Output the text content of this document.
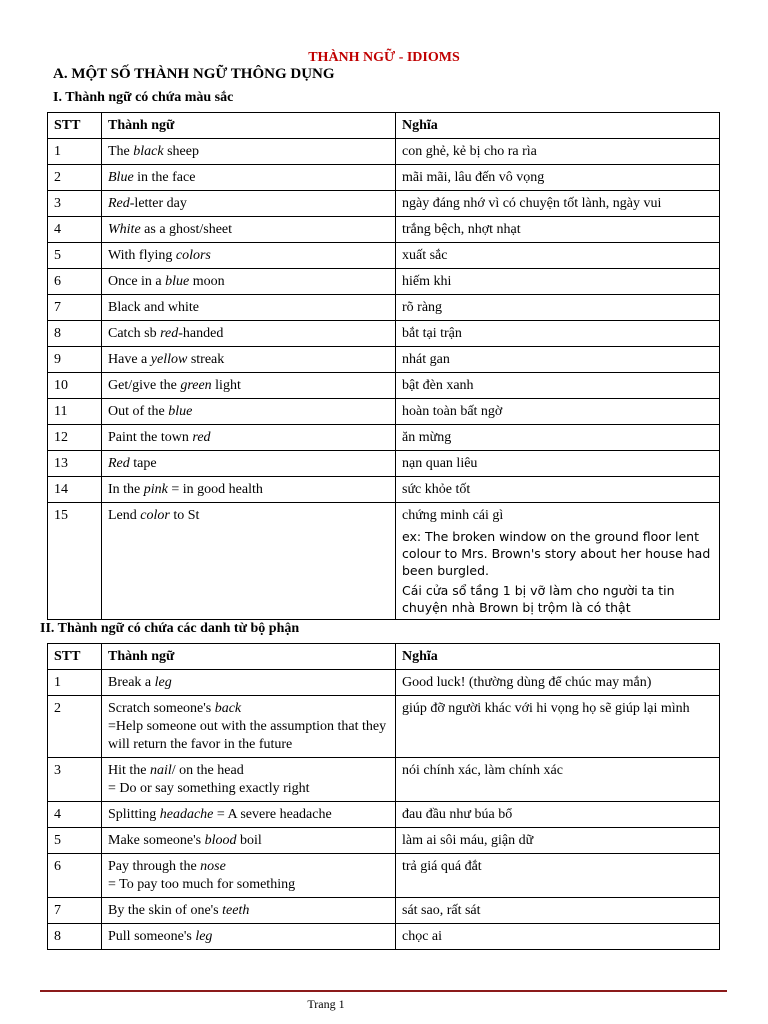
THÀNH NGỮ - IDIOMS
A. MỘT SỐ THÀNH NGỮ THÔNG DỤNG
I. Thành ngữ có chứa màu sắc
STT	Thành ngữ	Nghĩa
1	The black sheep	con ghẻ, kẻ bị cho ra rìa
2	Blue in the face	mãi mãi, lâu đến vô vọng
3	Red-letter day	ngày đáng nhớ vì có chuyện tốt lành, ngày vui
4	White as a ghost/sheet	trắng bệch, nhợt nhạt
5	With flying colors	xuất sắc
6	Once in a blue moon	hiếm khi
7	Black and white	rõ ràng
8	Catch sb red-handed	bắt tại trận
9	Have a yellow streak	nhát gan
10	Get/give the green light	bật đèn xanh
11	Out of the blue	hoàn toàn bất ngờ
12	Paint the town red	ăn mừng
13	Red tape	nạn quan liêu
14	In the pink = in good health	sức khỏe tốt
15	Lend color to St	chứng minh cái gì
ex: The broken window on the ground floor lent colour to Mrs. Brown's story about her house had been burgled.
Cái cửa sổ tầng 1 bị vỡ làm cho người ta tin chuyện nhà Brown bị trộm là có thật
II. Thành ngữ có chứa các danh từ bộ phận
STT	Thành ngữ	Nghĩa
1	Break a leg	Good luck! (thường dùng để chúc may mắn)
2	Scratch someone's back
=Help someone out with the assumption that they will return the favor in the future	giúp đỡ người khác với hi vọng họ sẽ giúp lại mình
3	Hit the nail/ on the head
= Do or say something exactly right	nói chính xác, làm chính xác
4	Splitting headache = A severe headache	đau đầu như búa bổ
5	Make someone's blood boil	làm ai sôi máu, giận dữ
6	Pay through the nose
= To pay too much for something	trả giá quá đắt
7	By the skin of one's teeth	sát sao, rất sát
8	Pull someone's leg	chọc ai
Trang 1
